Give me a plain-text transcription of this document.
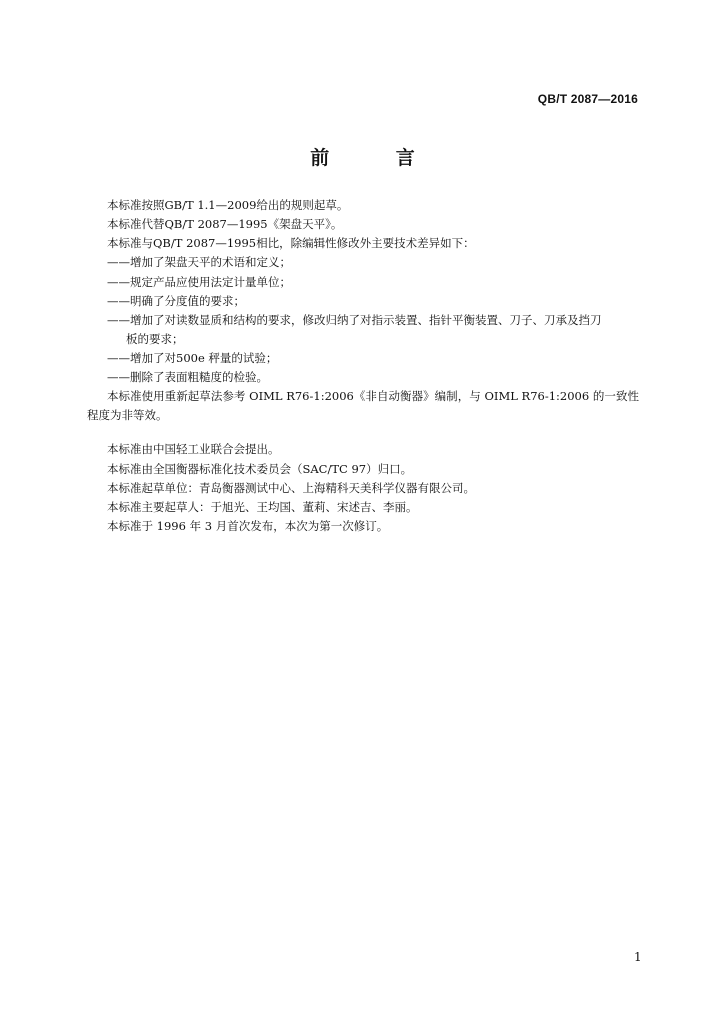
QB/T 2087—2016
前 言
本标准按照GB/T 1.1—2009给出的规则起草。
本标准代替QB/T 2087—1995《架盘天平》。
本标准与QB/T 2087—1995相比，除编辑性修改外主要技术差异如下：
——增加了架盘天平的术语和定义；
——规定产品应使用法定计量单位；
——明确了分度值的要求；
——增加了对读数显质和结构的要求，修改归纳了对指示装置、指针平衡装置、刀子、刀承及挡刀
板的要求；
——增加了对500e 秤量的试验；
——删除了表面粗糙度的检验。
本标准使用重新起草法参考 OIML R76-1:2006《非自动衡器》编制，与 OIML R76-1:2006 的一致性程度为非等效。
本标准由中国轻工业联合会提出。
本标准由全国衡器标准化技术委员会（SAC/TC 97）归口。
本标准起草单位：青岛衡器测试中心、上海精科天美科学仪器有限公司。
本标准主要起草人：于旭光、王均国、董莉、宋述吉、李丽。
本标准于 1996 年 3 月首次发布，本次为第一次修订。
1
